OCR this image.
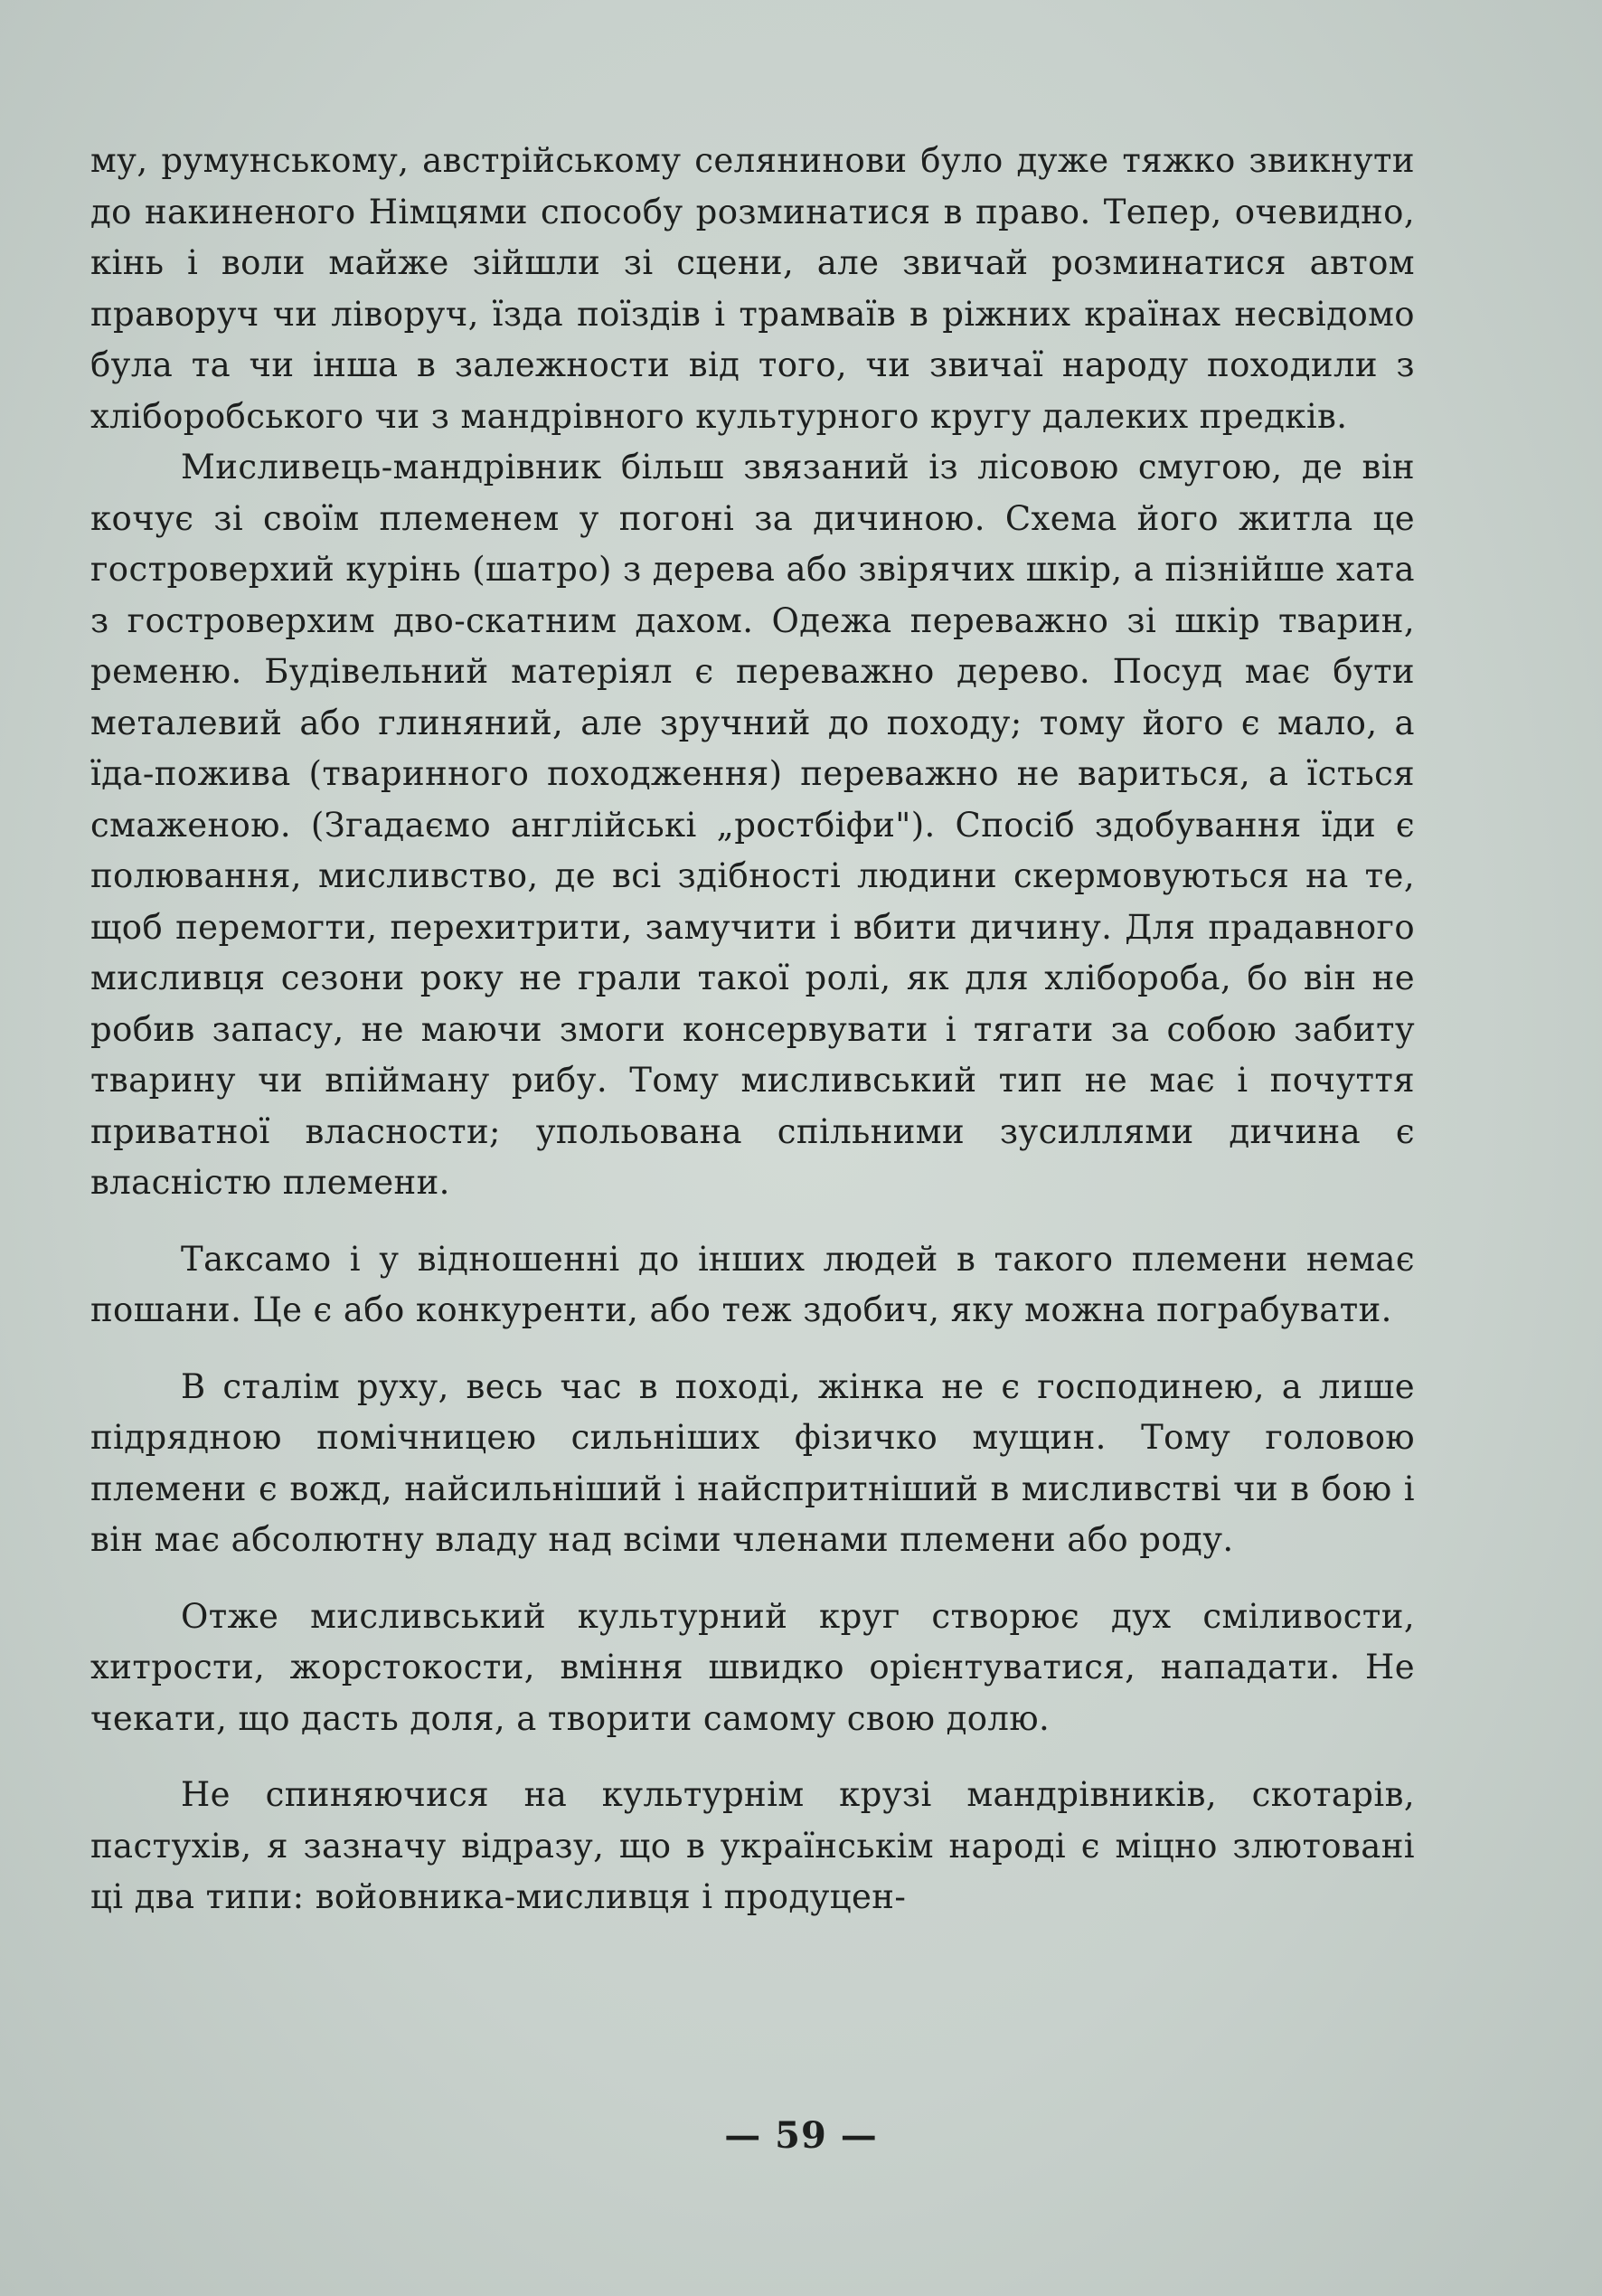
му, румунському, австрійському селянинови було дуже тяжко звикнути до накиненого Німцями способу розминатися в право. Тепер, очевидно, кінь і воли майже зійшли зі сцени, але звичай розминатися автом праворуч чи ліворуч, їзда поїздів і трамваїв в ріжних країнах несвідомо була та чи інша в залежности від того, чи звичаї народу походили з хліборобського чи з мандрівного культурного кругу далеких предків.

Мисливець-мандрівник більш звязаний із лісовою смугою, де він кочує зі своїм племенем у погоні за дичиною. Схема його житла це гостроверхий курінь (шатро) з дерева або звірячих шкір, а пізнійше хата з гостроверхим дво-скатним дахом. Одежа переважно зі шкір тварин, ременю. Будівельний матеріял є переважно дерево. Посуд має бути металевий або глиняний, але зручний до походу; тому його є мало, а їда-пожива (тваринного походження) переважно не вариться, а їсться смаженою. (Згадаємо англійські „ростбіфи"). Спосіб здобування їди є полювання, мисливство, де всі здібності людини скермовуються на те, щоб перемогти, перехитрити, замучити і вбити дичину. Для прадавного мисливця сезони року не грали такої ролі, як для хлібороба, бо він не робив запасу, не маючи змоги консервувати і тягати за собою забиту тварину чи впійману рибу. Тому мисливський тип не має і почуття приватної власности; упольована спільними зусиллями дичина є власністю племени.

Таксамо і у відношенні до інших людей в такого племени немає пошани. Це є або конкуренти, або теж здобич, яку можна пограбувати.

В сталім руху, весь час в поході, жінка не є господинею, а лише підрядною помічницею сильніших фізичко мущин. Тому головою племени є вожд, найсильніший і найспритніший в мисливстві чи в бою і він має абсолютну владу над всіми членами племени або роду.

Отже мисливський культурний круг створює дух сміливости, хитрости, жорстокости, вміння швидко орієнтуватися, нападати. Не чекати, що дасть доля, а творити самому свою долю.

Не спиняючися на культурнім крузі мандрівників, скотарів, пастухів, я зазначу відразу, що в українськім народі є міцно злютовані ці два типи: войовника-мисливця і продуцен-

— 59 —
